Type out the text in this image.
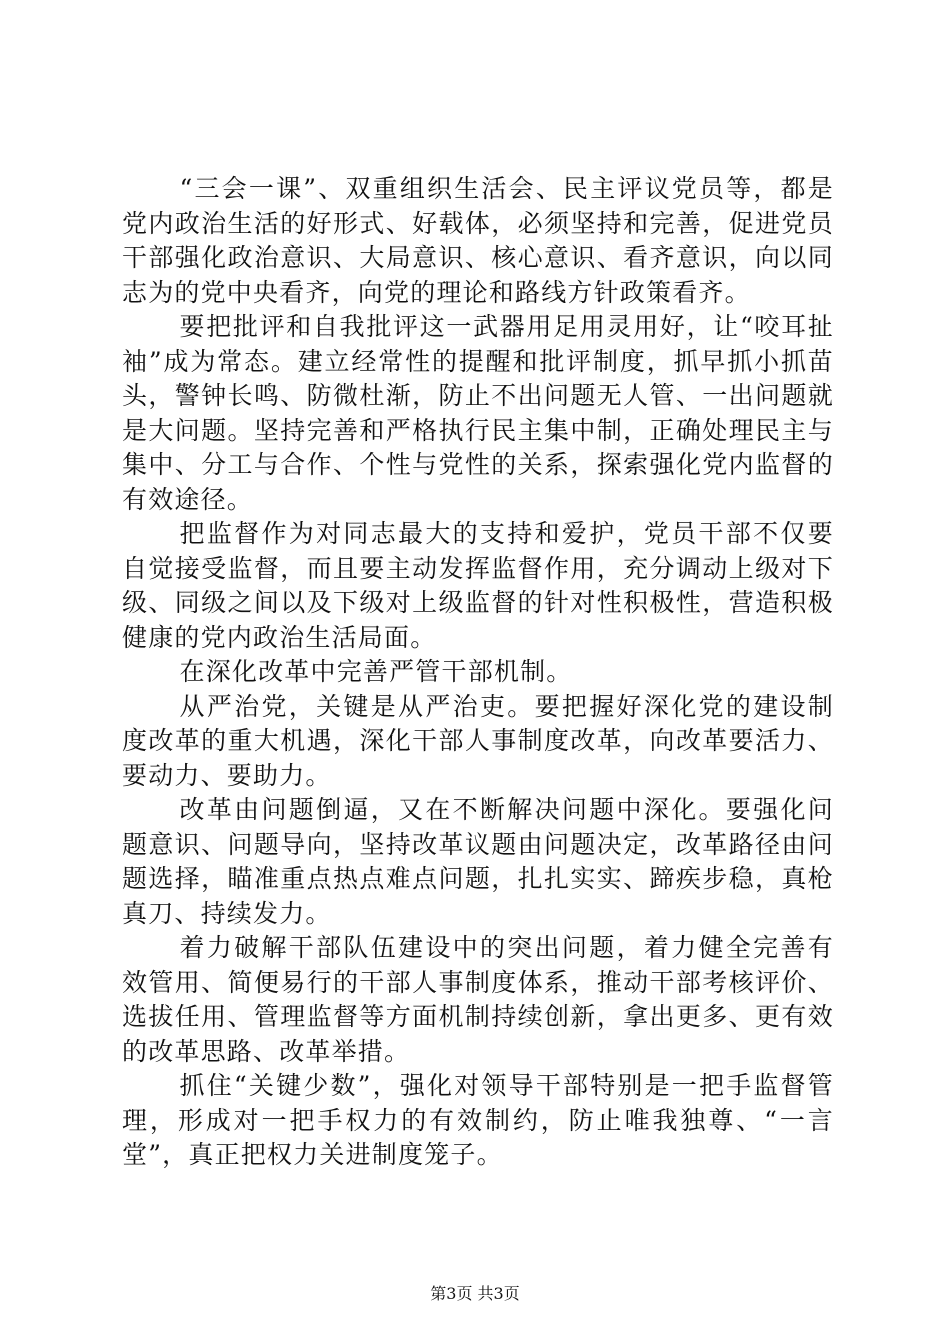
“三会一课”、双重组织生活会、民主评议党员等，都是党内政治生活的好形式、好载体，必须坚持和完善，促进党员干部强化政治意识、大局意识、核心意识、看齐意识，向以同志为的党中央看齐，向党的理论和路线方针政策看齐。

要把批评和自我批评这一武器用足用灵用好，让“咬耳扯袖”成为常态。建立经常性的提醒和批评制度，抓早抓小抓苗头，警钟长鸣、防微杜渐，防止不出问题无人管、一出问题就是大问题。坚持完善和严格执行民主集中制，正确处理民主与集中、分工与合作、个性与党性的关系，探索强化党内监督的有效途径。

把监督作为对同志最大的支持和爱护，党员干部不仅要自觉接受监督，而且要主动发挥监督作用，充分调动上级对下级、同级之间以及下级对上级监督的针对性积极性，营造积极健康的党内政治生活局面。

在深化改革中完善严管干部机制。

从严治党，关键是从严治吏。要把握好深化党的建设制度改革的重大机遇，深化干部人事制度改革，向改革要活力、要动力、要助力。

改革由问题倒逼，又在不断解决问题中深化。要强化问题意识、问题导向，坚持改革议题由问题决定，改革路径由问题选择，瞄准重点热点难点问题，扎扎实实、蹄疾步稳，真枪真刀、持续发力。

着力破解干部队伍建设中的突出问题，着力健全完善有效管用、简便易行的干部人事制度体系，推动干部考核评价、选拔任用、管理监督等方面机制持续创新，拿出更多、更有效的改革思路、改革举措。

抓住“关键少数”，强化对领导干部特别是一把手监督管理，形成对一把手权力的有效制约，防止唯我独尊、“一言堂”，真正把权力关进制度笼子。

第3页 共3页
